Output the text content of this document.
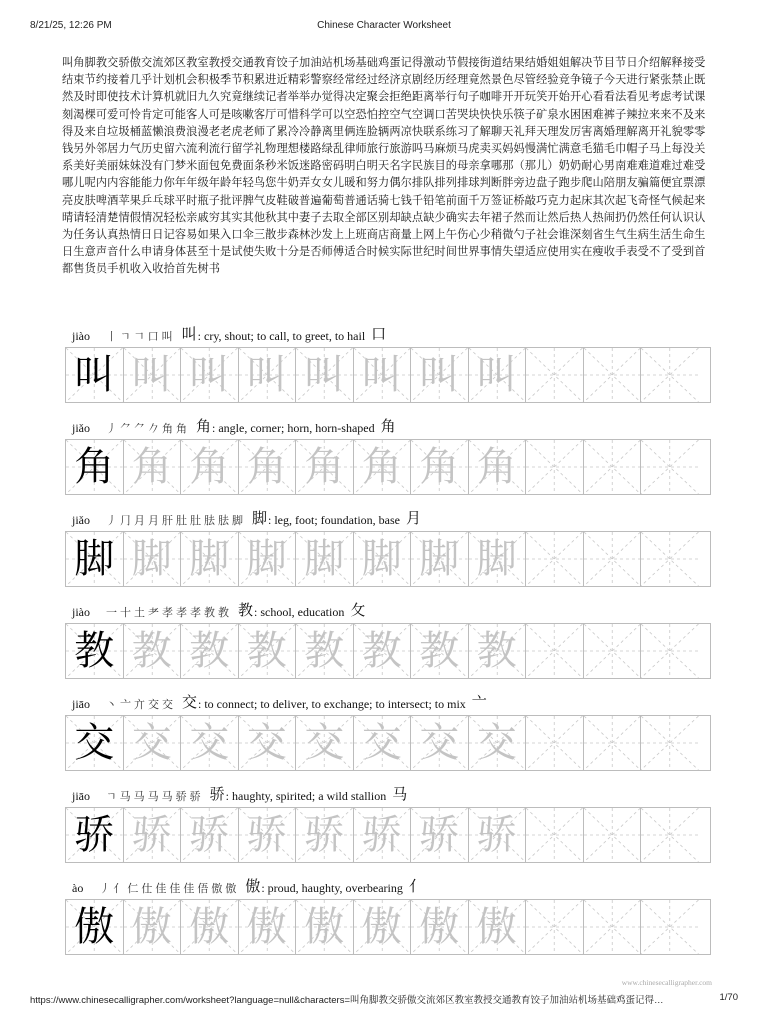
8/21/25, 12:26 PM	Chinese Character Worksheet
叫角脚教交骄傲交流郊区教室教授交通教育饺子加油站机场基础鸡蛋记得激动节假接街道结果结婚姐姐解决节目节日介绍解释接受结束节约接着几乎计划机会积极季节积累进近精彩警察经常经过经济京剧经历经理竟然景色尽管经验竞争镜子今天进行紧张禁止既然及时即使技术计算机就旧九久究竟继续记者举举办觉得决定聚会拒绝距离举行句子咖啡开开玩笑开始开心看看法看见考虑考试课刻渴棵可爱可怜肯定可能客人可是咳嗽客厅可惜科学可以空恐怕控空气空调口苦哭块快快乐筷子矿泉水困困难裤子辣拉来来不及来得及来自垃圾桶蓝懒浪费浪漫老老虎老师了累冷冷静离里俩连脸辆两凉快联系练习了解聊天礼拜天理发厉害离婚理解离开礼貌零零钱另外邻居力气历史留六流利流行留学礼物理想楼路绿乱律师旅行旅游吗马麻烦马虎卖买妈妈慢满忙满意毛猫毛巾帽子马上每没关系美好美丽妹妹没有门梦米面包免费面条秒米饭迷路密码明白明天名字民族目的母亲拿哪那（那儿）奶奶耐心男南难难道难过难受哪儿呢内内容能能力你年年级年龄年轻鸟您牛奶弄女女儿暖和努力偶尔排队排列排球判断胖旁边盘子跑步爬山陪朋友骗篇便宜票漂亮皮肤啤酒苹果乒乓球平时瓶子批评脾气皮鞋破普遍葡萄普通话骑七钱千铅笔前面千万签证桥敲巧克力起床其次起飞奇怪气候起来晴请轻清楚情假情况轻松亲戚穷其实其他秋其中妻子去取全部区别却缺点缺少确实去年裙子然而让然后热人热闹扔仍然任何认识认为任务认真热情日日记容易如果入口伞三散步森林沙发上上班商店商量上网上午伤心少稍微勺子社会谁深刻省生气生病生活生命生日生意声音什么申请身体甚至十是试使失败十分是否师傅适合时候实际世纪时间世界事情失望适应使用实在瘦收手表受不了受到首都售货员手机收入收拾首先树书
jiào 丨ㄱ𠃍口叫 叫 : cry, shout; to call, to greet, to hail 口
叫 叫 叫 叫 叫 叫 叫 叫
jiǎo 丿⺈⺈𠂊角角 角 : angle, corner; horn, horn-shaped 角
角 角 角 角 角 角 角 角
jiǎo 丿⺆月月肝肚肚胠胠脚 脚 : leg, foot; foundation, base 月
脚 脚 脚 脚 脚 脚 脚 脚
jiào 一十土耂孝孝孝教教 教 : school, education 攵
教 教 教 教 教 教 教 教
jiāo 丶亠亣交交 交 : to connect; to deliver, to exchange; to intersect; to mix 亠
交 交 交 交 交 交 交 交
jiāo ㄱ马马马马骄骄 骄 : haughty, spirited; a wild stallion 马
骄 骄 骄 骄 骄 骄 骄 骄
ào 丿亻仁仕佳佳佳俉傲傲 傲 : proud, haughty, overbearing 亻
傲 傲 傲 傲 傲 傲 傲 傲
www.chinesecalligrapher.com
https://www.chinesecalligrapher.com/worksheet?language=null&characters=叫角脚教交骄傲交流郊区教室教授交通教育饺子加油站机场基础鸡蛋记得…	1/70
